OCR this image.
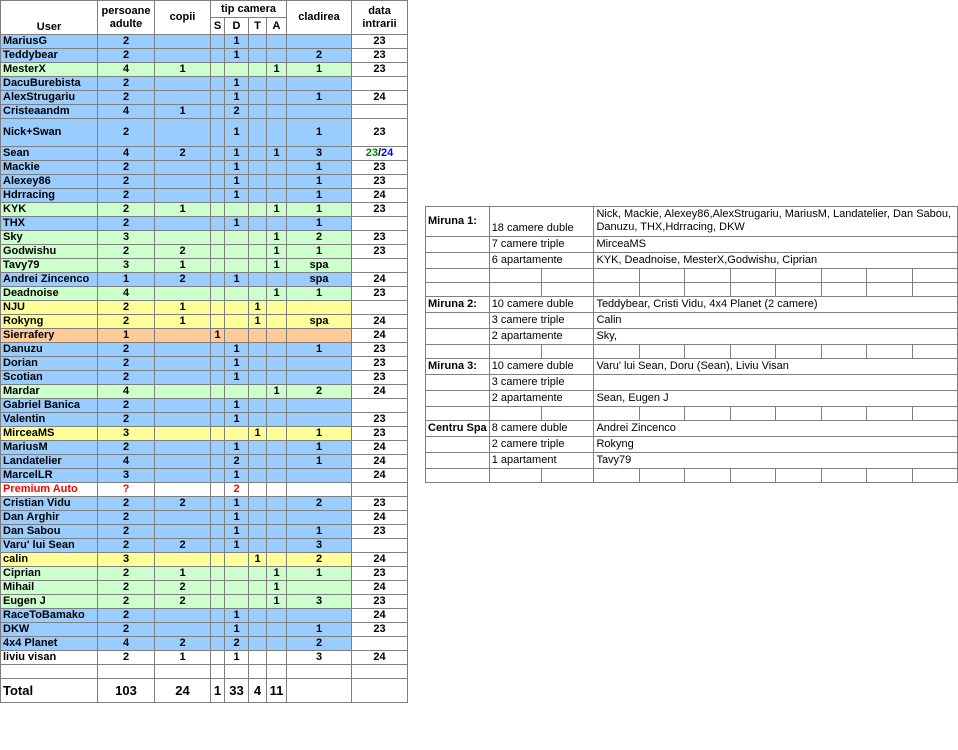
User	persoane
adulte	copii	tip camera				cladirea	data
intrarii
			S	D	T	A		
MariusG	2			1				23
Teddybear	2			1			2	23
MesterX	4	1				1	1	23
DacuBurebista	2			1				
AlexStrugariu	2			1			1	24
Cristeaandm	4	1		2				
Nick+Swan	2			1			1	23
Sean	4	2		1		1	3	23/24
Mackie	2			1			1	23
Alexey86	2			1			1	23
Hdrracing	2			1			1	24
KYK	2	1				1	1	23
THX	2			1			1	
Sky	3					1	2	23
Godwishu	2	2				1	1	23
Tavy79	3	1				1	spa	
Andrei Zincenco	1	2		1			spa	24
Deadnoise	4					1	1	23
NJU	2	1			1			
Rokyng	2	1			1		spa	24
Sierrafery	1		1					24
Danuzu	2			1			1	23
Dorian	2			1				23
Scotian	2			1				23
Mardar	4					1	2	24
Gabriel Banica	2			1				
Valentin	2			1				23
MirceaMS	3				1		1	23
MariusM	2			1			1	24
Landatelier	4			2			1	24
MarcelLR	3			1				24
Premium Auto	?			2				
Cristian Vidu	2	2		1			2	23
Dan Arghir	2			1				24
Dan Sabou	2			1			1	23
Varu' lui Sean	2	2		1			3	
calin	3				1		2	24
Ciprian	2	1				1	1	23
Mihail	2	2				1		24
Eugen J	2	2				1	3	23
RaceToBamako	2			1				24
DKW	2			1			1	23
4x4 Planet	4	2		2			2	
liviu visan	2	1		1			3	24

Total	103	24	1	33	4	11		
Miruna 1:	18 camere duble		Nick, Mackie, Alexey86,AlexStrugariu, MariusM, Landatelier, Dan Sabou, Danuzu, THX,Hdrracing, DKW							
	7 camere triple		MirceaMS							
	6 apartamente		KYK, Deadnoise, MesterX,Godwishu, Ciprian							

Miruna 2:	10 camere duble		Teddybear, Cristi Vidu, 4x4 Planet (2 camere)							
	3 camere triple		Calin							
	2 apartamente		Sky,							

Miruna 3:	10 camere duble		Varu' lui Sean, Doru (Sean), Liviu Visan							
	3 camere triple									
	2 apartamente		Sean, Eugen J							

Centru Spa	8 camere duble		Andrei Zincenco							
	2 camere triple		Rokyng							
	1 apartament		Tavy79							
